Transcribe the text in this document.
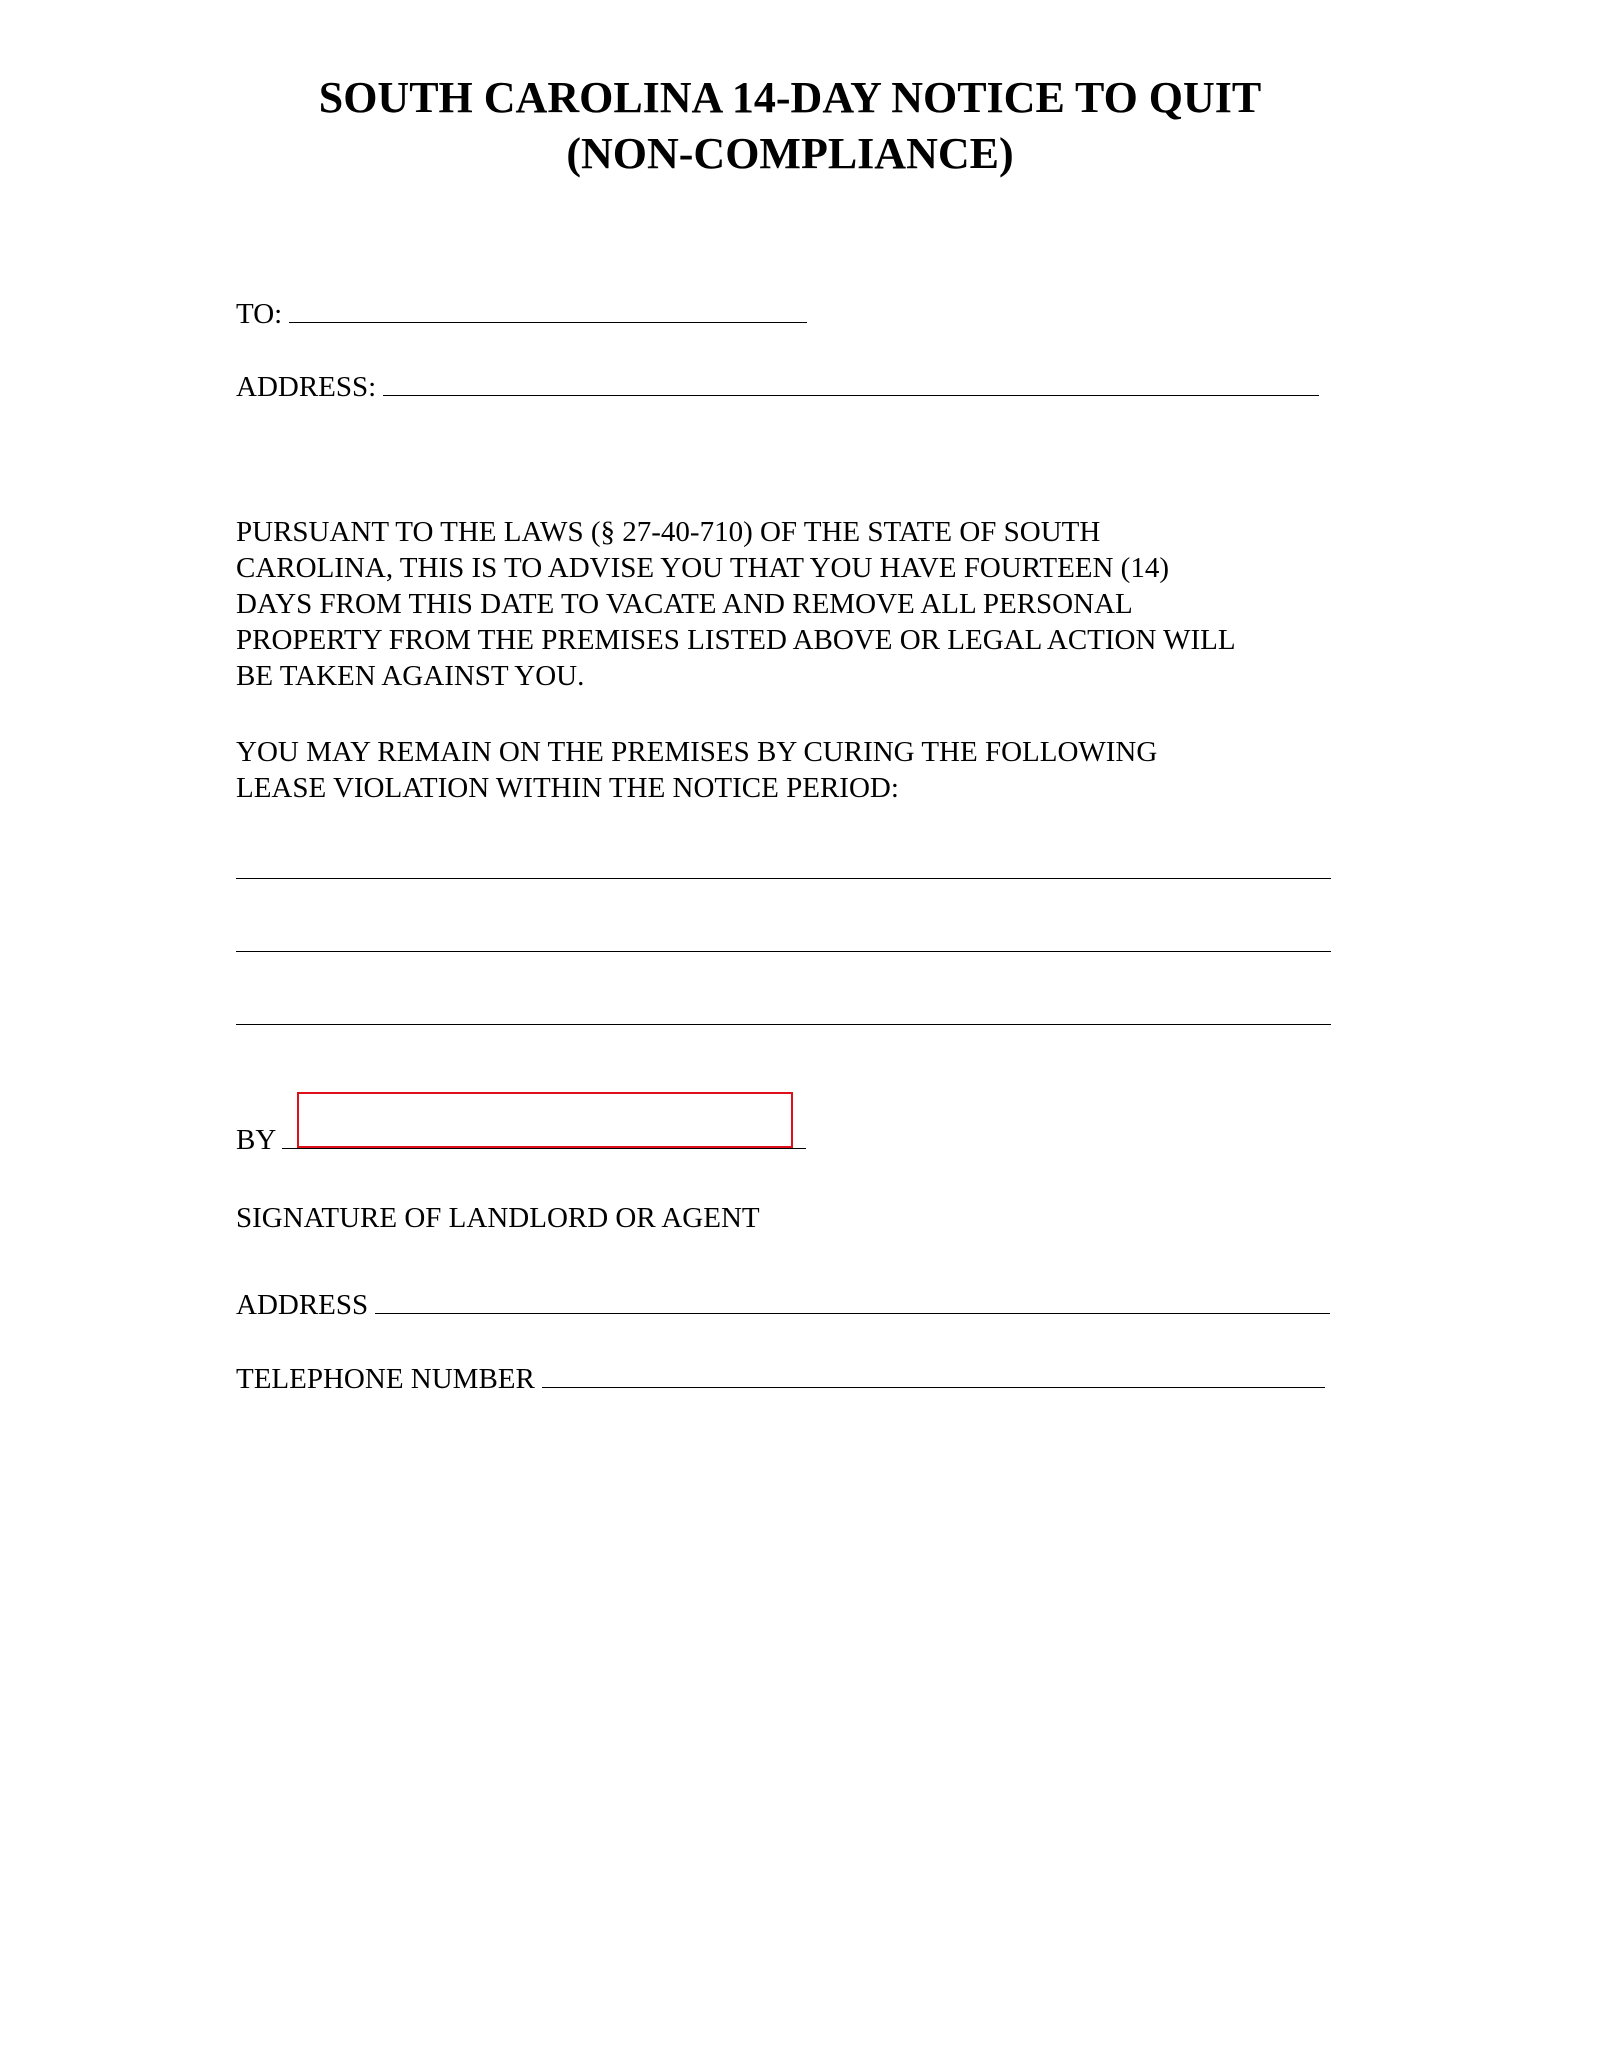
SOUTH CAROLINA 14-DAY NOTICE TO QUIT
(NON-COMPLIANCE)
TO:
ADDRESS:
PURSUANT TO THE LAWS (§ 27-40-710) OF THE STATE OF SOUTH
CAROLINA, THIS IS TO ADVISE YOU THAT YOU HAVE FOURTEEN (14)
DAYS FROM THIS DATE TO VACATE AND REMOVE ALL PERSONAL
PROPERTY FROM THE PREMISES LISTED ABOVE OR LEGAL ACTION WILL
BE TAKEN AGAINST YOU.
YOU MAY REMAIN ON THE PREMISES BY CURING THE FOLLOWING
LEASE VIOLATION WITHIN THE NOTICE PERIOD:
BY
SIGNATURE OF LANDLORD OR AGENT
ADDRESS
TELEPHONE NUMBER
